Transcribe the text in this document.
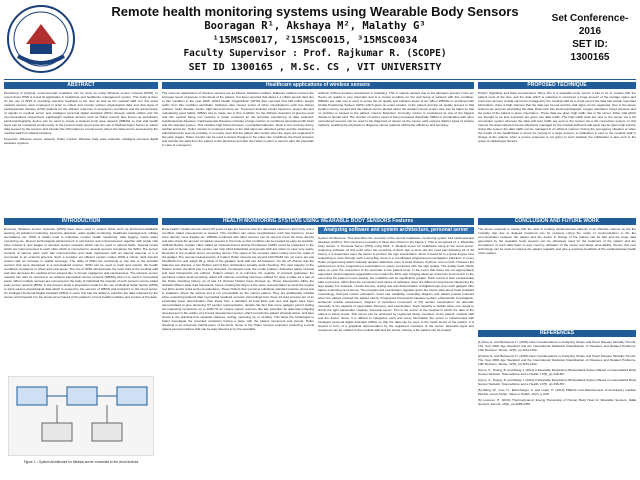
Remote health monitoring systems using Wearable Body Sensors
Booragan R¹, Akshaya M², Malathy G³
¹15MSC0017, ²15MSC0015, ³15MSC0034
Faculty Supervisor : Prof. Rajkumar R. (SCOPE)
SET ID 1300165 , M.Sc. CS , VIT UNIVERSITY
Set Conference-2016
SET ID:
1300165
ABSTRACT	Healthcare applications of wireless sensors	PROPOSED TECHNIQUE

Monitoring of physical, environmental conditions can be done by using Wireless sensor network (WSN). In recent times WSN is found its application in healthcare and healthcare management system. This study is done for the use of WSN in providing real-time feedback to the user as well as the medical staff. For this study medical sensors were employed in order to collect and monitor various physiological data and vital signs of cardiovascular disease (CVD) patients for the efficient response to emergency conditions and the transmission of signals to medical server and intelligent personal digital assistant (PDA) through optical cables and 4G communications respectively. Lightweight medical sensors such as Holter monitor also known as ambulatory electrocardiography device can be used to create a wireless body area network (WBAN) so that vital health signs can be monitored continuously. In the present study we propose the use of Medical Super Server to collect data sensed by the sensors and transfer the information to a local server where the data can be accessed by the medical staff from distant locations.

Keywords: Wireless sensor network, Holter monitor, Wireless body area networks, intelligent personal digital assistant systems.

The common applications of wireless sensors are as follows: Diabetes mellitus: Diabetes mellitus involves the improper levels of glucose in the blood of the patient. It is been reported that about 1.1 million people died due to this condition in the year 2005. World Health Organization (WHO) also reported that 220 million people suffer from this condition worldwide. Diabetes also causes series of other complications such has kidney problem, heart disease, stroke, high blood pressure etc. Treatment includes insulin injections, proper diet and maintaining good habits. WBAN can to made use in this condition for the efficient detection of glucose level and this method being non invasive is better preferred for the accurate transferring of data collected. Cardiovascular diseases: Cardiovascular Diseases includes a large number of conditions associated with heart and the vascular system. This includes high blood pressure, myocardial infarction, block in the coronary artery, cardiac arrest etc. Holter monitor is employed where in the vital signs are detected earlier and the treatment is administered as soon as possible. It is mostly seen that the patient dies mostly when the signs are neglected in the early stages. Holter monitor can be used to detect changes in the pulse rate, heartbeat, the blood pressure and transfer the data from the patient to the physician and also the Holter monitor is used to alert the physician in case of emergency.

Asthma: Asthma involves uneasiness in breathing. This is majorly caused due to the allergens present in the air. Hence air quality is very important and is a crucial condition for the well being of patients with this condition. WBANs are vital now is used to sense the air quality and pollution levels of air. When WBANs is combined with Global Positioning System (GPS) which gives an exact location of the patient and the air quality present in that location can be sensed and the patient can be alerted about the situation hence proper care can be taken so that no problem is caused to the patient. Cancer Detection: Currently, cancer is considered as one of the biggest threats to human kind. The number of cancer cases is been increased drastically. WBAs in combination with other nonreduced sensors can be used in the diagnosis of cancer as the cancer cells express distinct types of surface markers, enabling the physician to diagnose cancer patients with better efficiency and accuracy.

Priority Signalling and Data compression: Since this is a wearable body sensor it has to be in contact with the patient most of the time and the data which is collected is conceives a huge amount of the storage space and enormous amount of data cannot be managed by the medical staff as a result even if the data has certain important information, there is high chances that the data can be lost and the vital signs can be neglected. Due to the above reasons we propose prioritizing the data. Data such has electrocardiograph, oxygen saturation, blood pressure and the pulse of the patient is given importance. These data are given high traffic rate in the server. Other vital which are thought to be less important are given low data traffic. The high traffic data are sent to the server via a 4G connection system whereas the data with less traffic are sent to the system via a 3G connection system. In this manner the data collected can be effectively managed by the medical staff and vital signs can be given high priority. Using this system the data traffic can be managed in an efficient manner. During the emergency situation or when the health of the health/heart is found be varying in a large amount, a notification is sent to the medical staff in charge of the patient, when a person response is not given to such situation the notification is also sent to the group of cardiologist doctors.

INTRODUCTION	HEALTH MONITORING SYSTEMS USING WEARABLE BODY SENSORS Features	CONCLUSION AND FUTURE WORK

Recently, Wireless sensor networks (WSN) have been used in various fields such as Environmental/Earth sensing, air pollution monitoring, forest fire detection, water quality monitoring, healthcare management, military surveillance etc. WSN is widely used in industries monitor health monitoring, data logging, waste water monitoring etc. Recent technological advancement in electronics and microprocessor together with single chip have created a new league of wireless sensor networks which can be used in various fields. Several nodes which are interconnected to each other which is connected to several sensors comprises the WSN. The sensor consists of various parts such has microcontroller and radio transceiver with an internal antenna or it is connected to an external antenna. Such a complex yet efficient system makes WSN a robust, fault tolerant system with an increase in spatial coverage. The utility of WSN are continuing to rise due to the portable sensors that were developed in a personalized manner. WSN can be used to track and monitor the health conditions of patients in urban and rural areas. The use of WSN will decrease the work load of the medical staff and also decrease the medical errors caused due to human negligence and carelessness. The wireless sensor network can also be referred to as wireless biomedical sensor network (WBSN) when it is used in biomedical areas. When multiple sensors are connected to the body of individual the network of such sensors can be called body sensor network (BSN). In the present study a proposal is made for the use of Medical Super Server (MSS) to track various physiological data which is sensed by the sensors of WBAN and forward it to the cloud server. An intelligent Personal Digital Assistant (iPDA) is used, this has the ability to prioritize the data collected by the sensor and forwards it to the cloud server based of the patient's current health condition and content of the data.

Figure 1 – System Architecture for Medical server connected to the cloud devices

Bone health: Usually women above 50 years of age are found to lose the deposited calcium in their body and a condition called osteoporosis is caused. This condition can cause complications such has fractures, lesser bone density, bone fragility etc. WBANs combined with other sensors can be used to know the bone density and also check the amount of calcium present in the body so this condition can be treated as early as possible. Artificial Retina: Certain chips called as Optoelectronics Retina Prostheses (ORP) could be implanted in the rear part of human eye, this system can help blind individuals and people with low vision to view very easily. Recorder in the medical server connecting device: The space of the recorder varies mainly upon the make of the gadget. The normal measurements of today's Holter screens are around 110x70x30 mm yet some are just 61x48x20 mm and weigh 99 g. Most of the gadgets work with two AA batteries. On the off chance that the batteries are drained, a few Holters permit their substitution actually amid checking. The vast majority of the Holters screen the ECG just in a few channels. Contingent upon the model (maker), distinctive tallies of leads and lead frameworks are utilized. Today's pattern is to minimize the quantity of prompts guarantee the persistent solace amid recording. Albeit 2/3 channel recording has been utilized for quite a while as a part of the Holter checking history, as of late 12 channel Holters have showed up. These frameworks utilize the fantastic Mason-Likar lead framework, hence creating the flag in a the same representation as amid the regular rest ECG and/or amid work out estimation. These Holters then permit to substitute standard practice stress test in situations where the anxiety test is not conceivable for the current patient. They are additionally suitable when examining patients after myocardial localized necrosis. Recordings from these 12 lead screens are of an essentially lower determination than those from a standard 12 lead ECG and now and again have been demonstrated to give deceiving ST section representation, despite the fact that some gadgets permit setting the inspecting recurrence up to 1000 Hz for unique reason examine like late potential. An alternate intriguing development is the outline of a 6 word development sensor, which records the patient physical action, and later shows in the practical time separate statuses: resting, venturing up, or strolling. This helps the cardiologist to better investigate the recorded occasions having a place with the patient movement and journal. Holter checking is an extremely helpful piece of the ECG. Some of the Holter screens empower producing a vocal patient journal entrance that can be later listened to by the specialist.

Analyzing software and system architecture, personal server

System Architecture: This describes the overview of the remote healthcare monitoring system bed cardiovascular diseases (CVD's). This component consists of three tiers shown in the Figure 1. This is composed of: 1. Wearable body sensor. 2. Personal Server (PPS) using PDA. 3. Medical server for healthcare using in the cloud server. Analyzing software: At this point when the recording of ECG sign is done (for the most part following 24 or 48 hours), it is dependent upon the doctor to perform the sign examination. Since it would be to a great degree time requesting to scan through such a long flag, there is a coordinated programmed investigation transform in every Holter programming which naturally decides distinctive sorts of heart thumps, rhythms, and so forth. However the achievement of the programmed examination is nearly connected with the sign quality. The quality itself chiefly relies on upon the connection of the terminals to the patient body. In the event that these are not appropriately appended, electromagnetic aggravation can impact the ECG sign bringing about an extremely loud record. In the event that the patient moves quickly, the mutilation will be significantly greater. Such record is then exceptionally hard to process. Other than the connection and nature of cathodes, there are different components influencing the sign quality. For example, muscle tremors, testing rate and determination of digitized sign (top notch gadgets offer higher examining recurrence). The programmed examination regularly gives the doctor data about heart pulsated morphology, thumped interim estimation, heart rate variability, musicality diagram and patient journal (minutes when the patient pressed the patient catch). Progressed frameworks likewise perform otherworldly investigation, ischaemic trouble assessment, diagram of persistent movement or PQ section examination. An alternate necessity is the capacity of pacemaker discovery and examination. Such capacity is helpful when one needs to check the right pacemaker capacity. Personal server: This is the server at the hospital in which the data of the patient is being stored. This server can be accessed by registered family members of the patient, medical staff and the doctor. Since, it is difficult to categorise each and every information the server is implemented with intelligent personal digital assistant (iPDA) so that the data can be seen in the heath levels of the patient. It is viewed in form of a graphical representation by the registered members of the server. Essential signs and symptoms can be notified to the medical staff and the doctor, thereby a the patient can be treated.

The above proposal is mainly with the view of treating cardiovascular patients in an effective manner as the the mortality rate due to delayed treatment can be reduced. Using the mode of communication to 4G the communication between the patient and the doctor in charge of the patient can be fast and the huge data generated by the wearable body sensors can be effectively used for the treatment of the patient and the comparison of such data helps in less memory utilization of the server and faster accessibility. Hence, this new technology can be used to improve the patient regularly and give a real-time feedback of the cardiovascular health of the patient.

REFERENCES

[1] Aline E. and Bohaverts H. (2003) New Considerations in Analyzing Stroke and Heart Disease Mortality Trends: The Year 2000 Age Standard and the International Statistical Classification of Diseases and Related Problems, 10th Revision. Stroke, 32(5), pp.1151-1152.

[2] Aline E. and Bohaverts H. (2003) New Considerations in Analyzing Stroke and Heart Disease Mortality Trends: The Year 2000 Age Standard and the International Statistical Classification of Diseases and Related Problems, 10th Revision. Stroke, 32(5), pp.1151-1152.

[3] Liu, X., Huang, B. and Wang J. (2011) A Wearable Respiratory Biofeedback System Based on Generalized Body Sensor Network. Telemedicine and e-Health, 17(5), pp.348-357.

[4] Liu, X., Huang, B. and Wang J. (2011) A Wearable Respiratory Biofeedback System Based on Generalized Body Sensor Network. Telemedicine and e-Health, 17(5), pp.348-357.

[5] Wang, W., Guo, N., Ehrenberger, A. and Lotter, H. (2010) PRECA Cost Effectiveness of Ambulatory Cardiac Monitor versus Holter. Value in Health, 10(7), p.A38.

[6] Lowman, H. (2013) Thermodynamic Energy Harvesting of Human Body Heat for Wearable Sensors. IEEE Sensors Journal, 13(6), pp.2099-2255.
